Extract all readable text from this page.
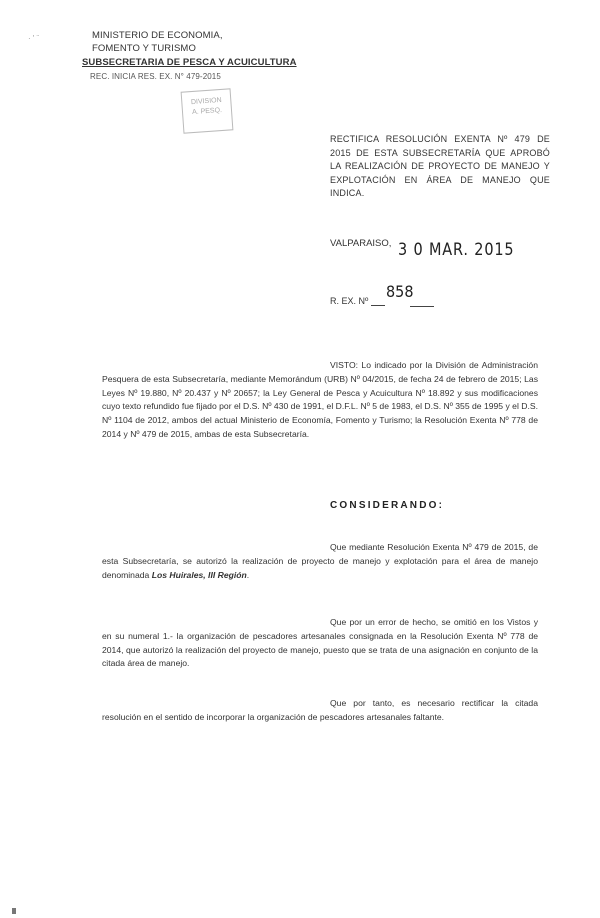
· ' ¨	MINISTERIO DE ECONOMIA,
FOMENTO Y TURISMO
SUBSECRETARIA DE PESCA Y ACUICULTURA
REC. INICIA RES. EX. N° 479-2015
DIVISION
A. PESQ.
RECTIFICA RESOLUCIÓN EXENTA Nº 479 DE 2015 DE ESTA SUBSECRETARÍA QUE APROBÓ LA REALIZACIÓN DE PROYECTO DE MANEJO Y EXPLOTACIÓN EN ÁREA DE MANEJO QUE INDICA.
VALPARAISO, 3 0 MAR. 2015
R. EX. Nº	858
VISTO: Lo indicado por la División de Administración Pesquera de esta Subsecretaría, mediante Memorándum (URB) Nº 04/2015, de fecha 24 de febrero de 2015; Las Leyes Nº 19.880, Nº 20.437 y Nº 20657; la Ley General de Pesca y Acuicultura Nº 18.892 y sus modificaciones cuyo texto refundido fue fijado por el D.S. Nº 430 de 1991, el D.F.L. Nº 5 de 1983, el D.S. Nº 355 de 1995 y el D.S. Nº 1104 de 2012, ambos del actual Ministerio de Economía, Fomento y Turismo; la Resolución Exenta Nº 778 de 2014 y Nº 479 de 2015, ambas de esta Subsecretaría.
CONSIDERANDO:
Que mediante Resolución Exenta Nº 479 de 2015, de esta Subsecretaría, se autorizó la realización de proyecto de manejo y explotación para el área de manejo denominada Los Huirales, III Región.
Que por un error de hecho, se omitió en los Vistos y en su numeral 1.- la organización de pescadores artesanales consignada en la Resolución Exenta Nº 778 de 2014, que autorizó la realización del proyecto de manejo, puesto que se trata de una asignación en conjunto de la citada área de manejo.
Que por tanto, es necesario rectificar la citada resolución en el sentido de incorporar la organización de pescadores artesanales faltante.
